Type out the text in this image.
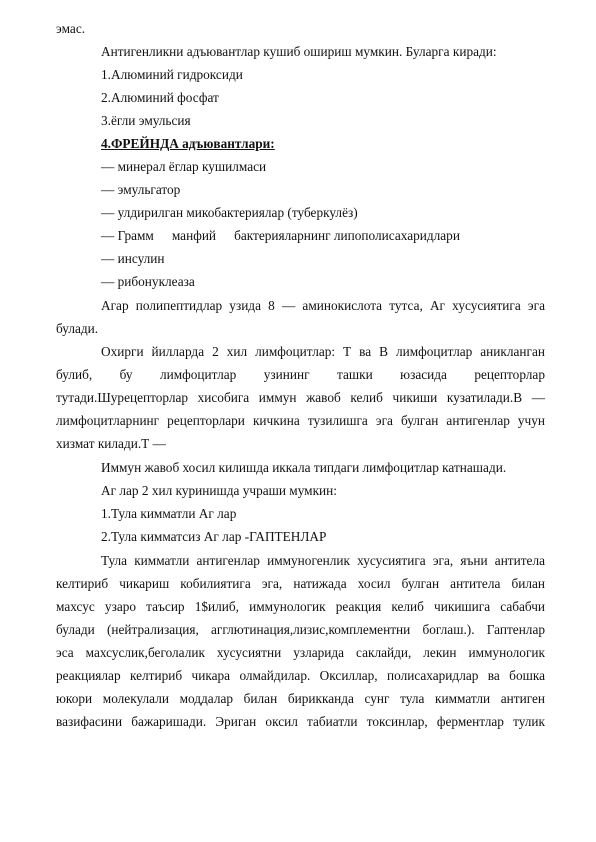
эмас.
Антигенликни адъювантлар кушиб ошириш мумкин. Буларга киради:
1.Алюминий гидроксиди
2.Алюминий фосфат
3.ёгли эмульсия
4.ФРЕЙНДА адъювантлари:
— минерал ёглар кушилмаси
— эмульгатор
— улдирилган микобактериялар (туберкулёз)
— Грамм манфий бактерияларнинг липополисахаридлари
— инсулин
— рибонуклеаза
Агар полипептидлар узида 8 — аминокислота тутса, Аг хусусиятига эга
булади.
Охирги йилларда 2 хил лимфоцитлар: Т ва В лимфоцитлар аникланган
булиб, бу лимфоцитлар узининг ташки юзасида рецепторлар
тутади.Шурецепторлар хисобига иммун жавоб келиб чикиши кузатилади.В —
лимфоцитларнинг рецепторлари кичкина тузилишга эга булган антигенлар учун
хизмат килади.Т —
Иммун жавоб хосил килишда иккала типдаги лимфоцитлар катнашади.
Аг лар 2 хил куринишда учраши мумкин:
1.Тула кимматли Аг лар
2.Тула кимматсиз Аг лар -ГАПТЕНЛАР
Тула кимматли антигенлар иммуногенлик хусусиятига эга, яъни антитела
келтириб чикариш кобилиятига эга, натижада хосил булган антитела билан
махсус узаро таъсир 1$илиб, иммунологик реакция келиб чикишига сабабчи
булади (нейтрализация, агглютинация,лизис,комплементни боглаш.). Гаптенлар
эса махсуслик,беголалик хусусиятни узларида саклайди, лекин иммунологик
реакциялар келтириб чикара олмайдилар. Оксиллар, полисахаридлар ва бошка
юкори молекулали моддалар билан бирикканда сунг тула кимматли антиген
вазифасини бажаришади. Эриган оксил табиатли токсинлар, ферментлар тулик
